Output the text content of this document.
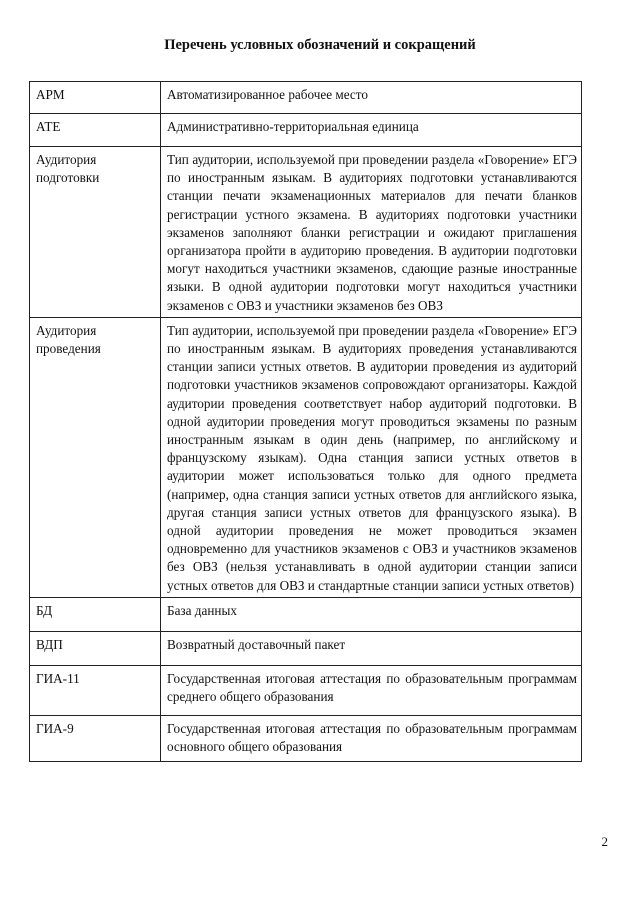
Перечень условных обозначений и сокращений
АРМ	Автоматизированное рабочее место
АТЕ	Административно-территориальная единица
Аудитория подготовки	Тип аудитории, используемой при проведении раздела «Говорение» ЕГЭ по иностранным языкам. В аудиториях подготовки устанавливаются станции печати экзаменационных материалов для печати бланков регистрации устного экзамена. В аудиториях подготовки участники экзаменов заполняют бланки регистрации и ожидают приглашения организатора пройти в аудиторию проведения. В аудитории подготовки могут находиться участники экзаменов, сдающие разные иностранные языки. В одной аудитории подготовки могут находиться участники экзаменов с ОВЗ и участники экзаменов без ОВЗ
Аудитория проведения	Тип аудитории, используемой при проведении раздела «Говорение» ЕГЭ по иностранным языкам. В аудиториях проведения устанавливаются станции записи устных ответов. В аудитории проведения из аудиторий подготовки участников экзаменов сопровождают организаторы. Каждой аудитории проведения соответствует набор аудиторий подготовки. В одной аудитории проведения могут проводиться экзамены по разным иностранным языкам в один день (например, по английскому и французскому языкам). Одна станция записи устных ответов в аудитории может использоваться только для одного предмета (например, одна станция записи устных ответов для английского языка, другая станция записи устных ответов для французского языка). В одной аудитории проведения не может проводиться экзамен одновременно для участников экзаменов с ОВЗ и участников экзаменов без ОВЗ (нельзя устанавливать в одной аудитории станции записи устных ответов для ОВЗ и стандартные станции записи устных ответов)
БД	База данных
ВДП	Возвратный доставочный пакет
ГИА-11	Государственная итоговая аттестация по образовательным программам среднего общего образования
ГИА-9	Государственная итоговая аттестация по образовательным программам основного общего образования
2
